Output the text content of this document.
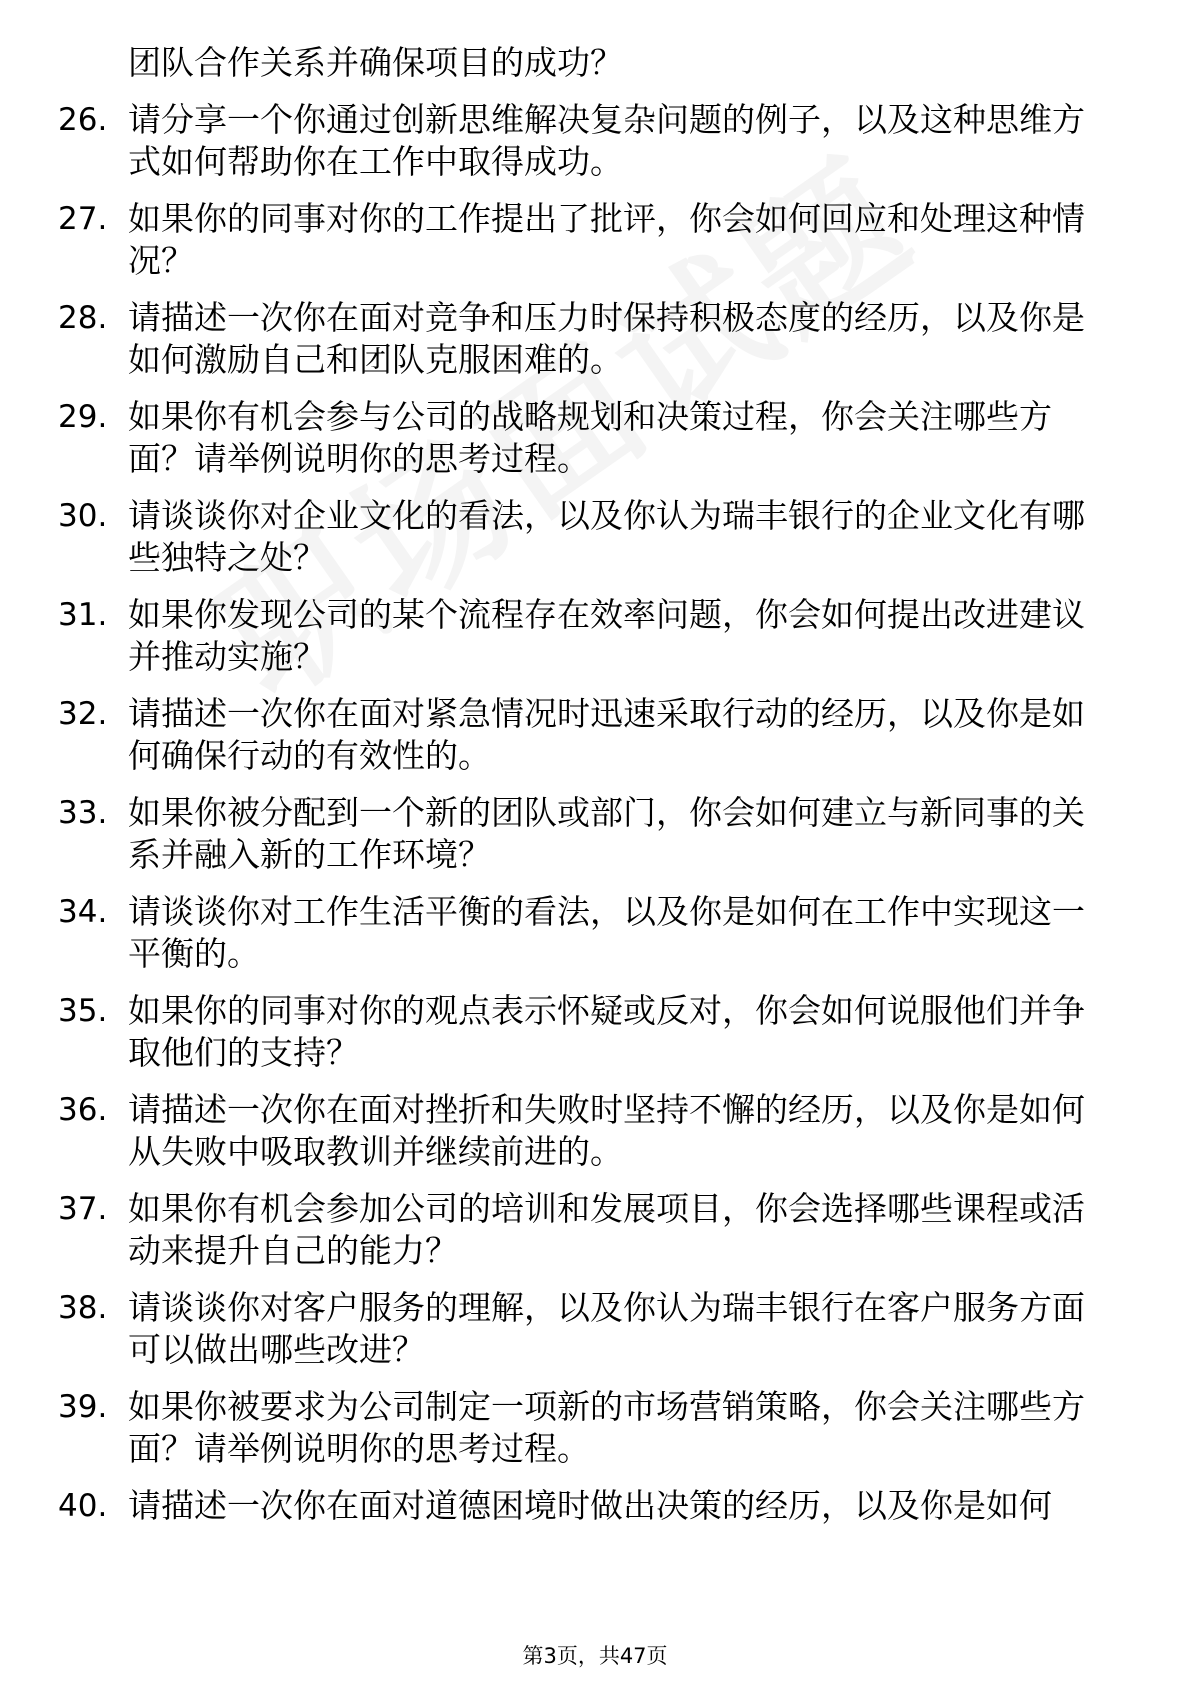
团队合作关系并确保项目的成功？
26. 请分享一个你通过创新思维解决复杂问题的例子，以及这种思维方式如何帮助你在工作中取得成功。
27. 如果你的同事对你的工作提出了批评，你会如何回应和处理这种情况？
28. 请描述一次你在面对竞争和压力时保持积极态度的经历，以及你是如何激励自己和团队克服困难的。
29. 如果你有机会参与公司的战略规划和决策过程，你会关注哪些方面？请举例说明你的思考过程。
30. 请谈谈你对企业文化的看法，以及你认为瑞丰银行的企业文化有哪些独特之处？
31. 如果你发现公司的某个流程存在效率问题，你会如何提出改进建议并推动实施？
32. 请描述一次你在面对紧急情况时迅速采取行动的经历，以及你是如何确保行动的有效性的。
33. 如果你被分配到一个新的团队或部门，你会如何建立与新同事的关系并融入新的工作环境？
34. 请谈谈你对工作生活平衡的看法，以及你是如何在工作中实现这一平衡的。
35. 如果你的同事对你的观点表示怀疑或反对，你会如何说服他们并争取他们的支持？
36. 请描述一次你在面对挫折和失败时坚持不懈的经历，以及你是如何从失败中吸取教训并继续前进的。
37. 如果你有机会参加公司的培训和发展项目，你会选择哪些课程或活动来提升自己的能力？
38. 请谈谈你对客户服务的理解，以及你认为瑞丰银行在客户服务方面可以做出哪些改进？
39. 如果你被要求为公司制定一项新的市场营销策略，你会关注哪些方面？请举例说明你的思考过程。
40. 请描述一次你在面对道德困境时做出决策的经历，以及你是如何
第3页，共47页
